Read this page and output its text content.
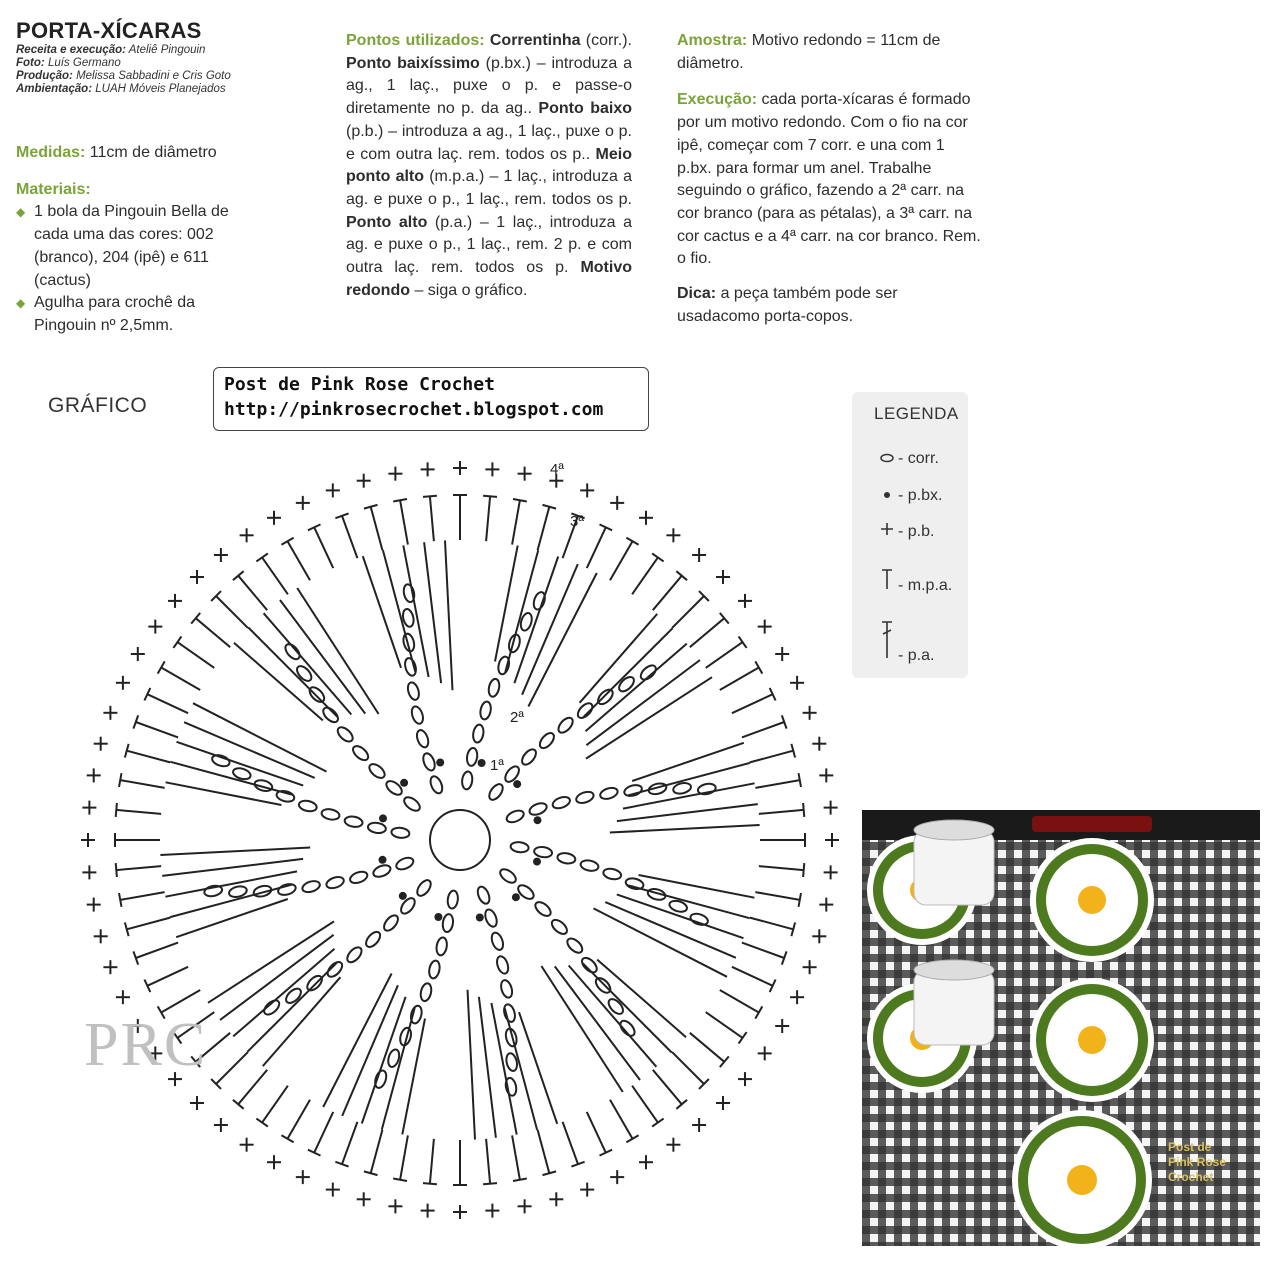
PORTA-XÍCARAS
Receita e execução: Ateliê Pingouin
Foto: Luís Germano
Produção: Melissa Sabbadini e Cris Goto
Ambientação: LUAH Móveis Planejados
Medidas: 11cm de diâmetro
Materiais:
◆ 1 bola da Pingouin Bella de cada uma das cores: 002 (branco), 204 (ipê) e 611 (cactus)
◆ Agulha para crochê da Pingouin nº 2,5mm.
Pontos utilizados: Correntinha (corr.). Ponto baixíssimo (p.bx.) – introduza a ag., 1 laç., puxe o p. e passe-o diretamente no p. da ag.. Ponto baixo (p.b.) – introduza a ag., 1 laç., puxe o p. e com outra laç. rem. todos os p.. Meio ponto alto (m.p.a.) – 1 laç., introduza a ag. e puxe o p., 1 laç., rem. todos os p. Ponto alto (p.a.) – 1 laç., introduza a ag. e puxe o p., 1 laç., rem. 2 p. e com outra laç. rem. todos os p. Motivo redondo – siga o gráfico.
Amostra: Motivo redondo = 11cm de diâmetro.
Execução: cada porta-xícaras é formado por um motivo redondo. Com o fio na cor ipê, começar com 7 corr. e una com 1 p.bx. para formar um anel. Trabalhe seguindo o gráfico, fazendo a 2ª carr. na cor branco (para as pétalas), a 3ª carr. na cor cactus e a 4ª carr. na cor branco. Rem. o fio.
Dica: a peça também pode ser usadacomo porta-copos.
Post de Pink Rose Crochet
http://pinkrosecrochet.blogspot.com
GRÁFICO
4ª
3ª
2ª
1ª
PRC
LEGENDA
- corr.
- p.bx.
- p.b.
- m.p.a.
- p.a.
Post de
Pink Rose
Crochet
